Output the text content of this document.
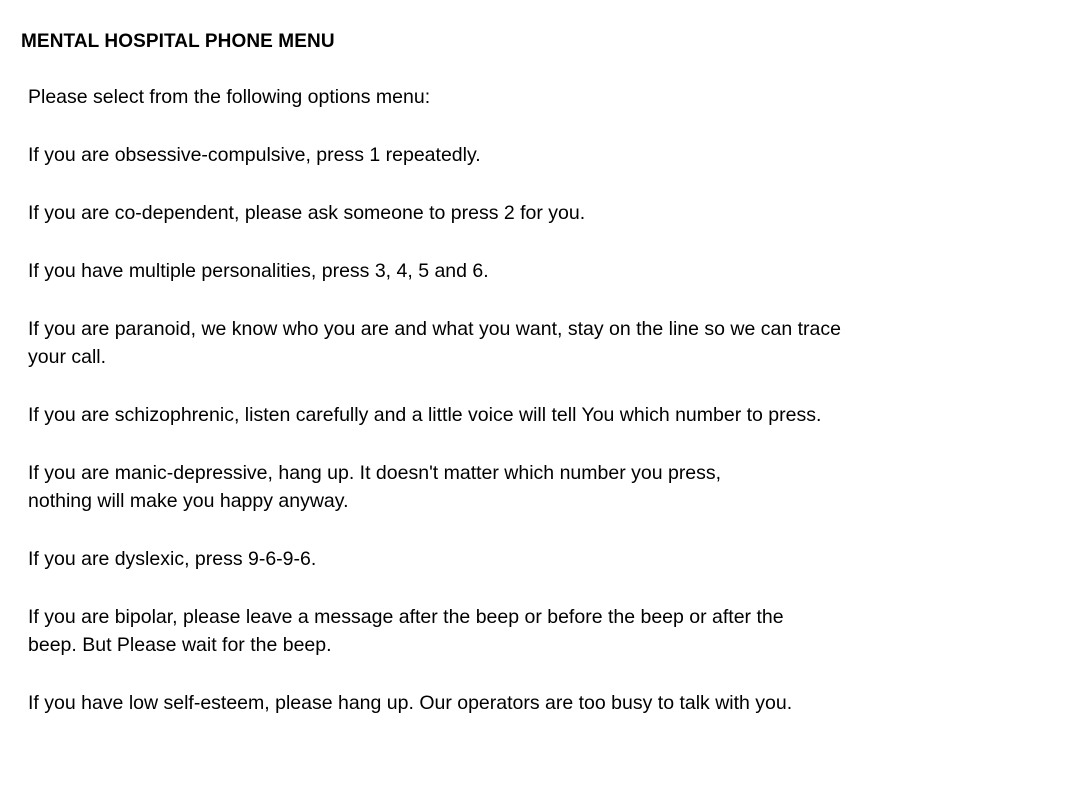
MENTAL HOSPITAL PHONE MENU

Please select from the following options menu:

If you are obsessive-compulsive, press 1 repeatedly.

If you are co-dependent, please ask someone to press 2 for you.

If you have multiple personalities, press 3, 4, 5 and 6.

If you are paranoid, we know who you are and what you want, stay on the line so we can trace
your call.

If you are schizophrenic, listen carefully and a little voice will tell You which number to press.

If you are manic-depressive, hang up. It doesn't matter which number you press,
nothing will make you happy anyway.

If you are dyslexic, press 9-6-9-6.

If you are bipolar, please leave a message after the beep or before the beep or after the
beep. But Please wait for the beep.

If you have low self-esteem, please hang up. Our operators are too busy to talk with you.
